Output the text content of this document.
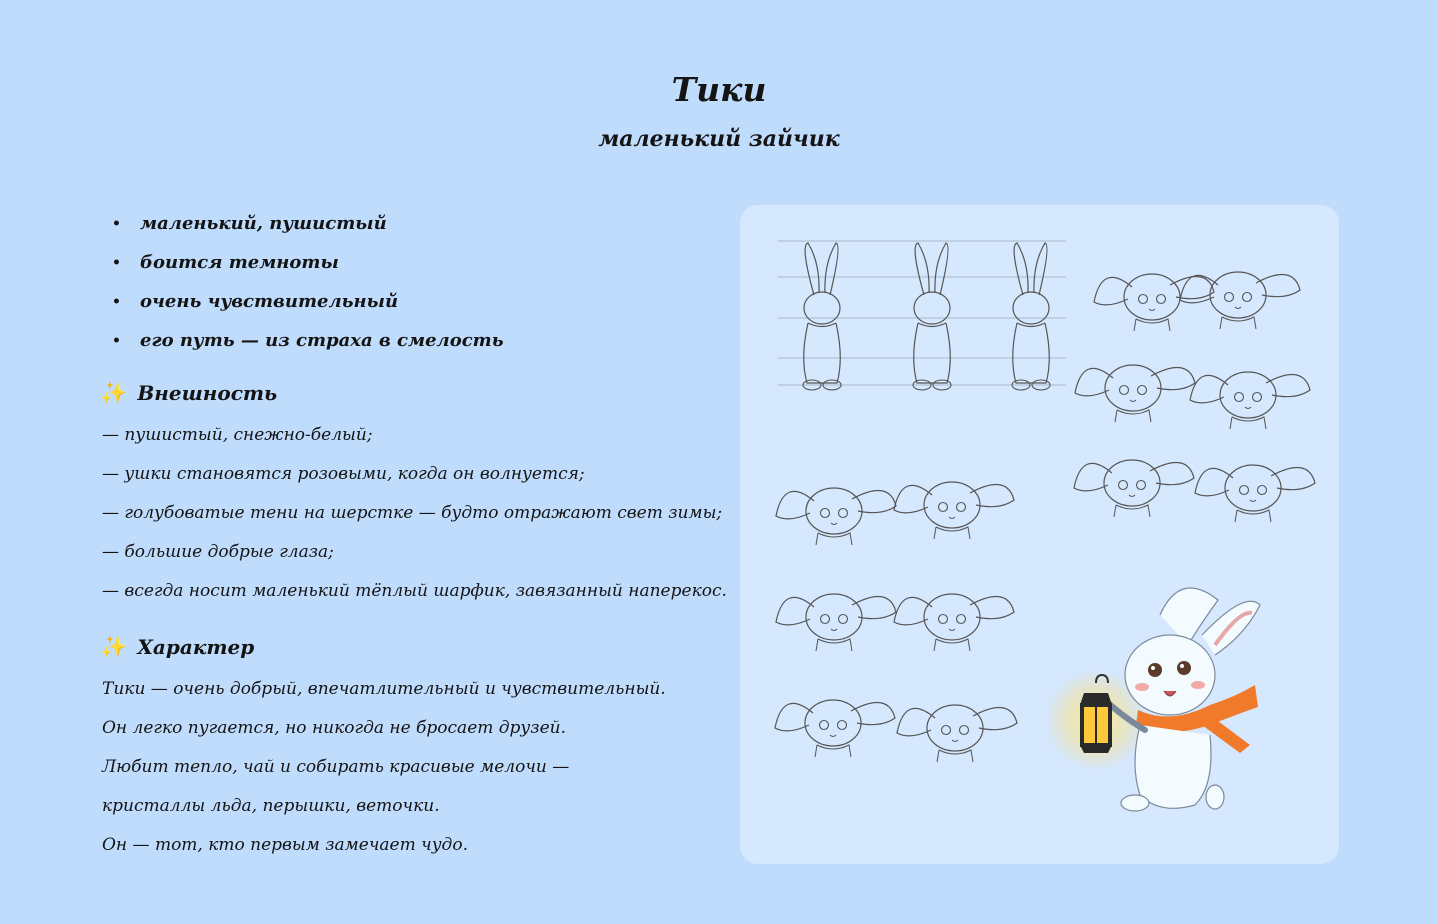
Тики
маленький зайчик
•	маленький, пушистый
•	боится темноты
•	очень чувствительный
•	его путь — из страха в смелость
✨ Внешность
— пушистый, снежно-белый;
— ушки становятся розовыми, когда он волнуется;
— голубоватые тени на шерстке — будто отражают свет зимы;
— большие добрые глаза;
— всегда носит маленький тёплый шарфик, завязанный наперекос.
✨ Характер
Тики — очень добрый, впечатлительный и чувствительный.
Он легко пугается, но никогда не бросает друзей.
Любит тепло, чай и собирать красивые мелочи —
кристаллы льда, перышки, веточки.
Он — тот, кто первым замечает чудо.
